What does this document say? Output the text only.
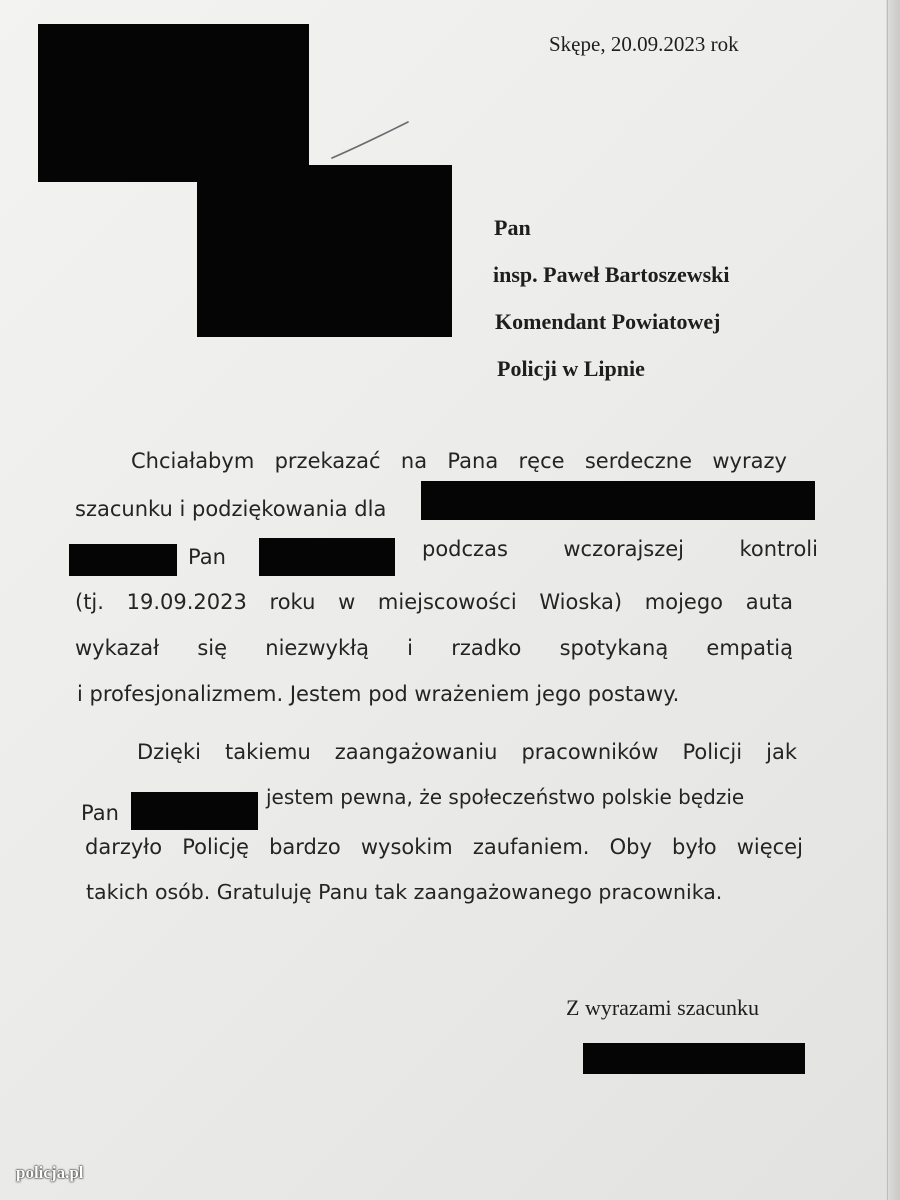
Skępe, 20.09.2023 rok
Pan
insp. Paweł Bartoszewski
Komendant Powiatowej
Policji w Lipnie
Chciałabym przekazać na Pana ręce serdeczne wyrazy
szacunku i podziękowania dla
Pan	podczas	wczorajszej	kontroli
(tj. 19.09.2023 roku w miejscowości Wioska) mojego auta
wykazał się niezwykłą i rzadko spotykaną empatią
i profesjonalizmem. Jestem pod wrażeniem jego postawy.
Dzięki takiemu zaangażowaniu pracowników Policji jak
Pan
jestem pewna, że społeczeństwo polskie będzie
darzyło Policję bardzo wysokim zaufaniem. Oby było więcej
takich osób. Gratuluję Panu tak zaangażowanego pracownika.
Z wyrazami szacunku
policja.pl
